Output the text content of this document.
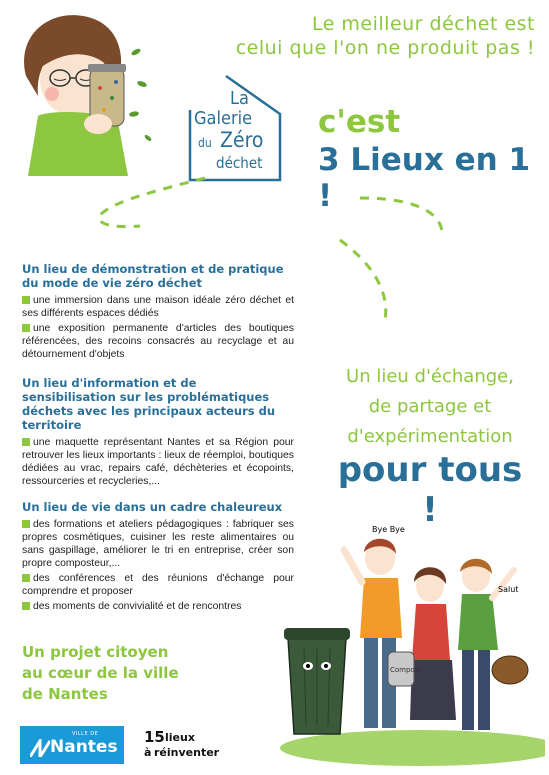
Le meilleur déchet est
celui que l'on ne produit pas !
La
Galerie
du Zéro
déchet
c'est
3 Lieux en 1 !
Un lieu de démonstration et de pratique du mode de vie zéro déchet

une immersion dans une maison idéale zéro déchet et ses différents espaces dédiés

une exposition permanente d'articles des boutiques référencées, des recoins consacrés au recyclage et au détournement d'objets

Un lieu d'information et de sensibilisation sur les problématiques déchets avec les principaux acteurs du territoire

une maquette représentant Nantes et sa Région pour retrouver les lieux importants : lieux de réemploi, boutiques dédiées au vrac, repairs café, déchèteries et écopoints, ressourceries et recycleries,...

Un lieu de vie dans un cadre chaleureux

des formations et ateliers pédagogiques : fabriquer ses propres cosmétiques, cuisiner les reste alimentaires ou sans gaspillage, améliorer le tri en entreprise, créer son propre composteur,...

des conférences et des réunions d'échange pour comprendre et proposer

des moments de convivialité et de rencontres

Un lieu d'échange,
de partage et
d'expérimentation
pour tous !
Un projet citoyen
au cœur de la ville
de Nantes
Compost
Bye Bye
Salut
VILLE DE
Nantes 15 lieux
à réinventer
